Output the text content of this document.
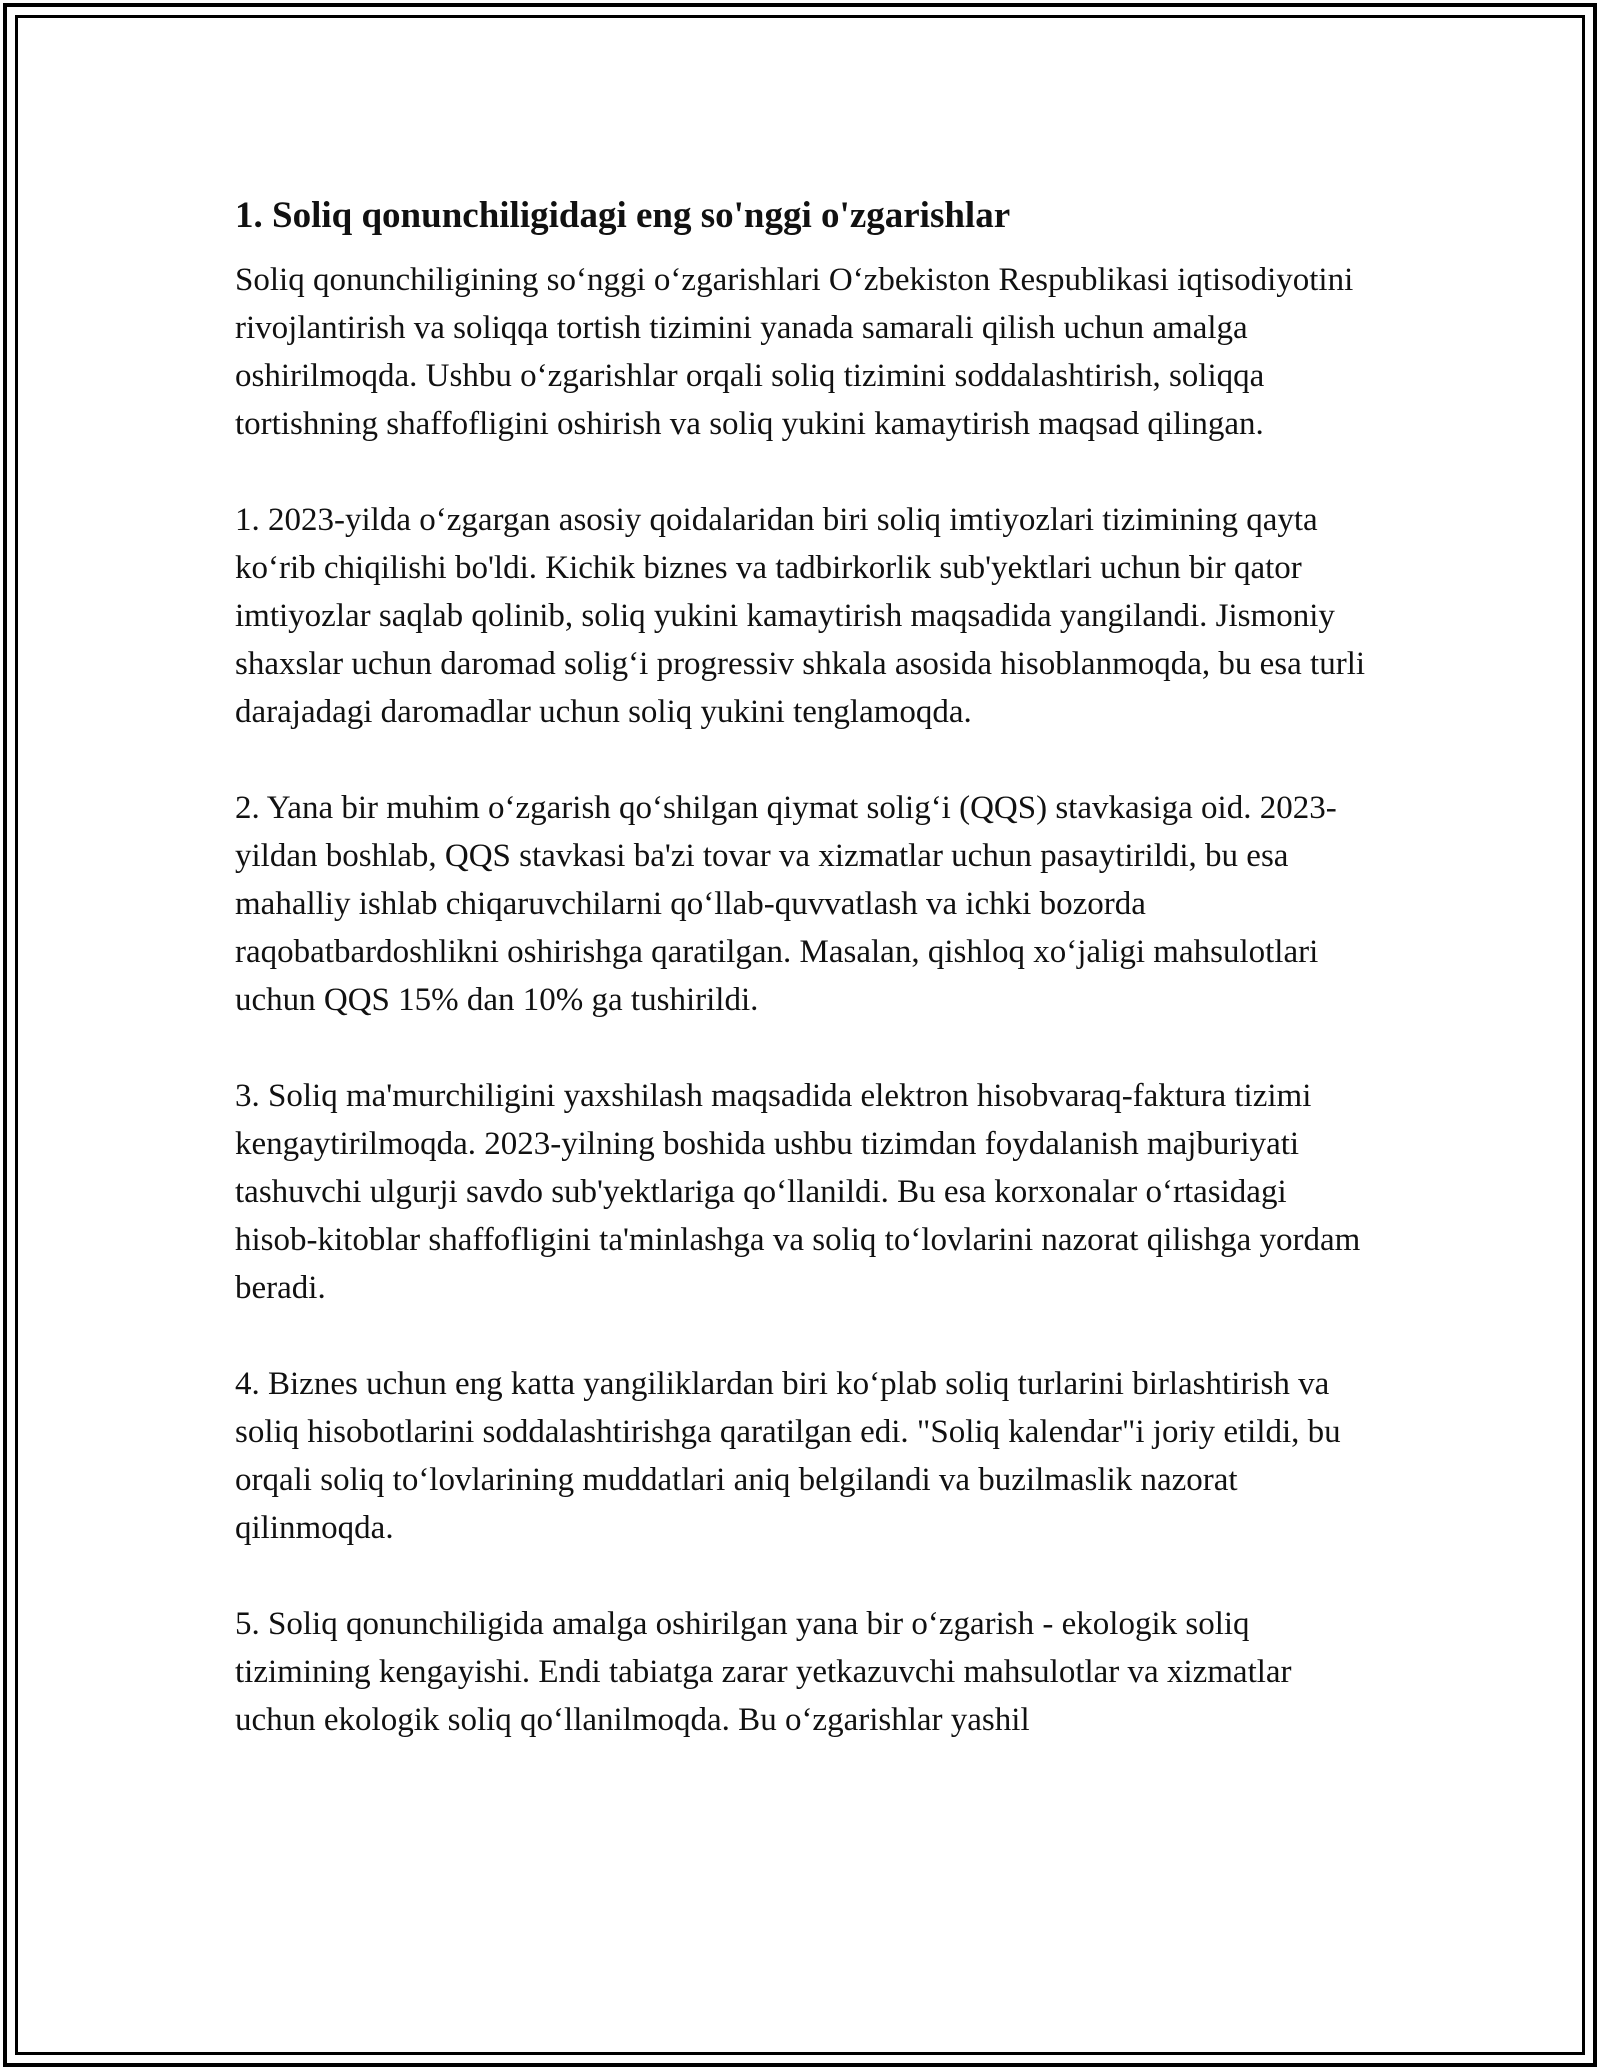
1. Soliq qonunchiligidagi eng so'nggi o'zgarishlar

Soliq qonunchiligining so‘nggi o‘zgarishlari O‘zbekiston Respublikasi iqtisodiyotini rivojlantirish va soliqqa tortish tizimini yanada samarali qilish uchun amalga oshirilmoqda. Ushbu o‘zgarishlar orqali soliq tizimini soddalashtirish, soliqqa tortishning shaffofligini oshirish va soliq yukini kamaytirish maqsad qilingan.

1. 2023-yilda o‘zgargan asosiy qoidalaridan biri soliq imtiyozlari tizimining qayta ko‘rib chiqilishi bo'ldi. Kichik biznes va tadbirkorlik sub'yektlari uchun bir qator imtiyozlar saqlab qolinib, soliq yukini kamaytirish maqsadida yangilandi. Jismoniy shaxslar uchun daromad solig‘i progressiv shkala asosida hisoblanmoqda, bu esa turli darajadagi daromadlar uchun soliq yukini tenglamoqda.

2. Yana bir muhim o‘zgarish qo‘shilgan qiymat solig‘i (QQS) stavkasiga oid. 2023-yildan boshlab, QQS stavkasi ba'zi tovar va xizmatlar uchun pasaytirildi, bu esa mahalliy ishlab chiqaruvchilarni qo‘llab-quvvatlash va ichki bozorda raqobatbardoshlikni oshirishga qaratilgan. Masalan, qishloq xo‘jaligi mahsulotlari uchun QQS 15% dan 10% ga tushirildi.

3. Soliq ma'murchiligini yaxshilash maqsadida elektron hisobvaraq-faktura tizimi kengaytirilmoqda. 2023-yilning boshida ushbu tizimdan foydalanish majburiyati tashuvchi ulgurji savdo sub'yektlariga qo‘llanildi. Bu esa korxonalar o‘rtasidagi hisob-kitoblar shaffofligini ta'minlashga va soliq to‘lovlarini nazorat qilishga yordam beradi.

4. Biznes uchun eng katta yangiliklardan biri ko‘plab soliq turlarini birlashtirish va soliq hisobotlarini soddalashtirishga qaratilgan edi. "Soliq kalendar"i joriy etildi, bu orqali soliq to‘lovlarining muddatlari aniq belgilandi va buzilmaslik nazorat qilinmoqda.

5. Soliq qonunchiligida amalga oshirilgan yana bir o‘zgarish - ekologik soliq tizimining kengayishi. Endi tabiatga zarar yetkazuvchi mahsulotlar va xizmatlar uchun ekologik soliq qo‘llanilmoqda. Bu o‘zgarishlar yashil
